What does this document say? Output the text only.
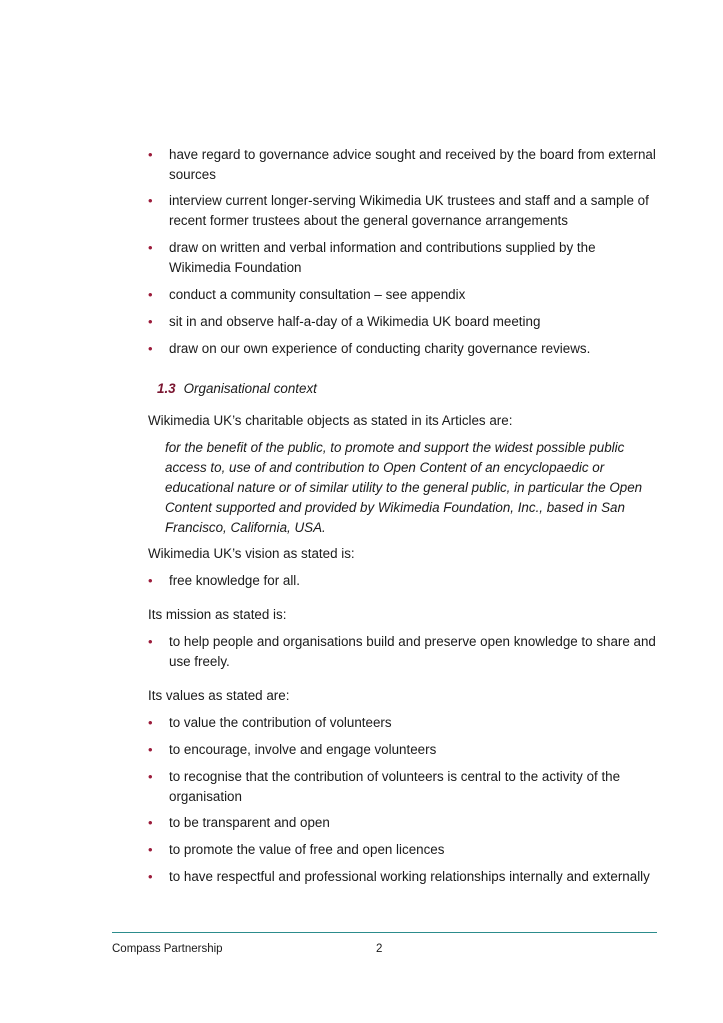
•	have regard to governance advice sought and received by the board from external sources
•	interview current longer-serving Wikimedia UK trustees and staff and a sample of recent former trustees about the general governance arrangements
•	draw on written and verbal information and contributions supplied by the Wikimedia Foundation
•	conduct a community consultation – see appendix
•	sit in and observe half-a-day of a Wikimedia UK board meeting
•	draw on our own experience of conducting charity governance reviews.
1.3 Organisational context
Wikimedia UK’s charitable objects as stated in its Articles are:
for the benefit of the public, to promote and support the widest possible public access to, use of and contribution to Open Content of an encyclopaedic or educational nature or of similar utility to the general public, in particular the Open Content supported and provided by Wikimedia Foundation, Inc., based in San Francisco, California, USA.
Wikimedia UK’s vision as stated is:
•	free knowledge for all.
Its mission as stated is:
•	to help people and organisations build and preserve open knowledge to share and use freely.
Its values as stated are:
•	to value the contribution of volunteers
•	to encourage, involve and engage volunteers
•	to recognise that the contribution of volunteers is central to the activity of the organisation
•	to be transparent and open
•	to promote the value of free and open licences
•	to have respectful and professional working relationships internally and externally
Compass Partnership	2
